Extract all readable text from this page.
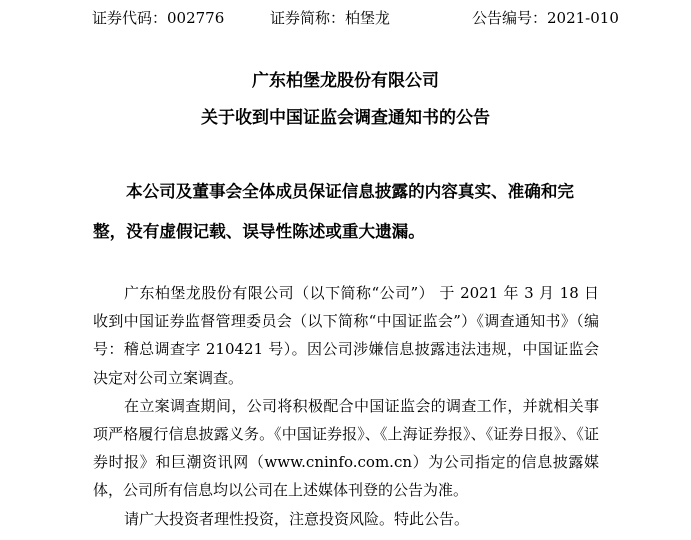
证券代码：002776	证券简称：柏堡龙	公告编号：2021-010
广东柏堡龙股份有限公司
关于收到中国证监会调查通知书的公告
本公司及董事会全体成员保证信息披露的内容真实、准确和完整，没有虚假记载、误导性陈述或重大遗漏。

广东柏堡龙股份有限公司（以下简称“公司”） 于 2021 年 3 月 18 日收到中国证券监督管理委员会（以下简称“中国证监会”）《调查通知书》（编号：稽总调查字 210421 号）。因公司涉嫌信息披露违法违规，中国证监会决定对公司立案调查。

在立案调查期间，公司将积极配合中国证监会的调查工作，并就相关事项严格履行信息披露义务。《中国证券报》、《上海证券报》、《证券日报》、《证券时报》和巨潮资讯网（www.cninfo.com.cn）为公司指定的信息披露媒体，公司所有信息均以公司在上述媒体刊登的公告为准。

请广大投资者理性投资，注意投资风险。特此公告。
